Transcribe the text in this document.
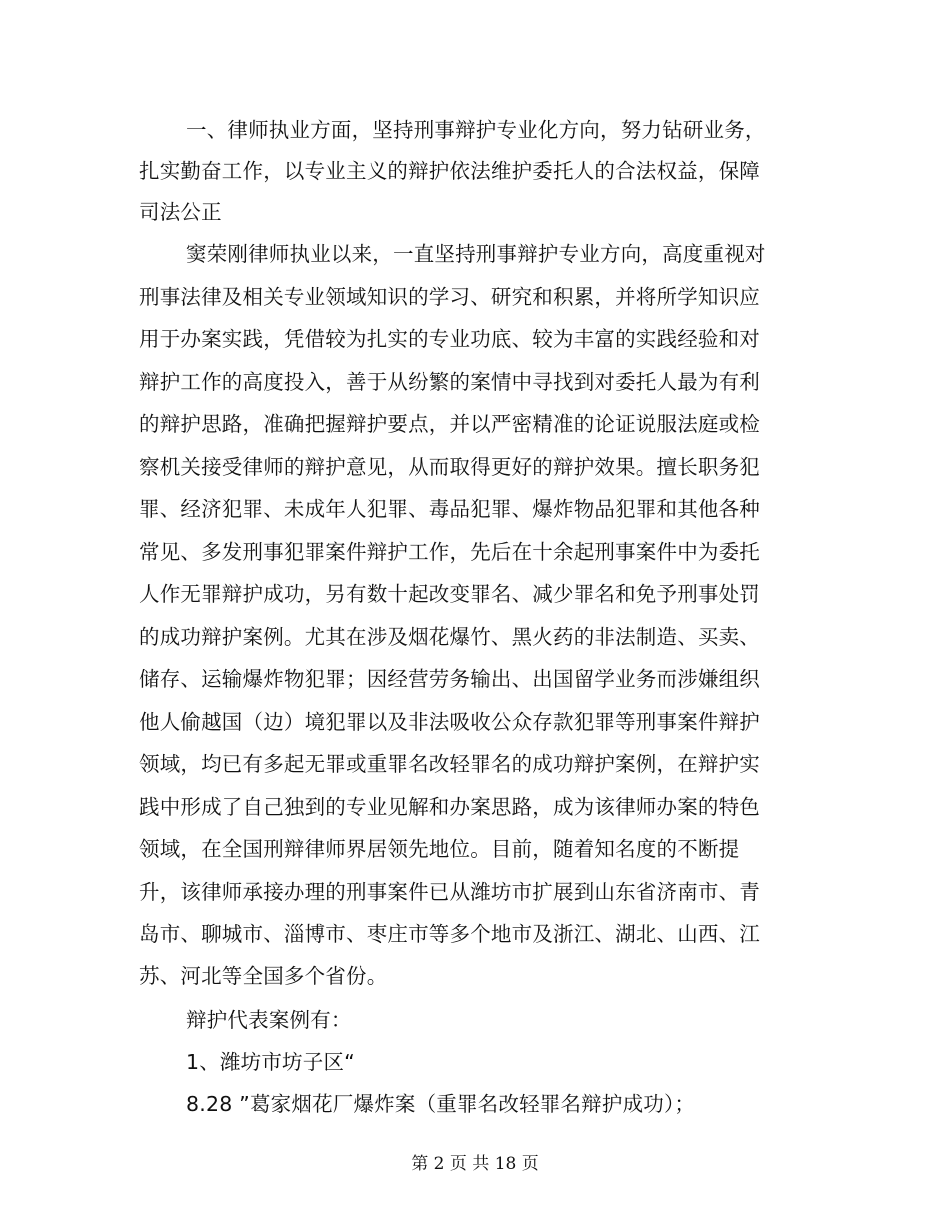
一、律师执业方面，坚持刑事辩护专业化方向，努力钻研业务，
扎实勤奋工作，以专业主义的辩护依法维护委托人的合法权益，保障
司法公正
窦荣刚律师执业以来，一直坚持刑事辩护专业方向，高度重视对
刑事法律及相关专业领域知识的学习、研究和积累，并将所学知识应
用于办案实践，凭借较为扎实的专业功底、较为丰富的实践经验和对
辩护工作的高度投入，善于从纷繁的案情中寻找到对委托人最为有利
的辩护思路，准确把握辩护要点，并以严密精准的论证说服法庭或检
察机关接受律师的辩护意见，从而取得更好的辩护效果。擅长职务犯
罪、经济犯罪、未成年人犯罪、毒品犯罪、爆炸物品犯罪和其他各种
常见、多发刑事犯罪案件辩护工作，先后在十余起刑事案件中为委托
人作无罪辩护成功，另有数十起改变罪名、减少罪名和免予刑事处罚
的成功辩护案例。尤其在涉及烟花爆竹、黑火药的非法制造、买卖、
储存、运输爆炸物犯罪；因经营劳务输出、出国留学业务而涉嫌组织
他人偷越国（边）境犯罪以及非法吸收公众存款犯罪等刑事案件辩护
领域，均已有多起无罪或重罪名改轻罪名的成功辩护案例，在辩护实
践中形成了自己独到的专业见解和办案思路，成为该律师办案的特色
领域，在全国刑辩律师界居领先地位。目前，随着知名度的不断提
升，该律师承接办理的刑事案件已从潍坊市扩展到山东省济南市、青
岛市、聊城市、淄博市、枣庄市等多个地市及浙江、湖北、山西、江
苏、河北等全国多个省份。
辩护代表案例有：
1、潍坊市坊子区“
8.28 ”葛家烟花厂爆炸案（重罪名改轻罪名辩护成功）；
第 2 页 共 18 页
